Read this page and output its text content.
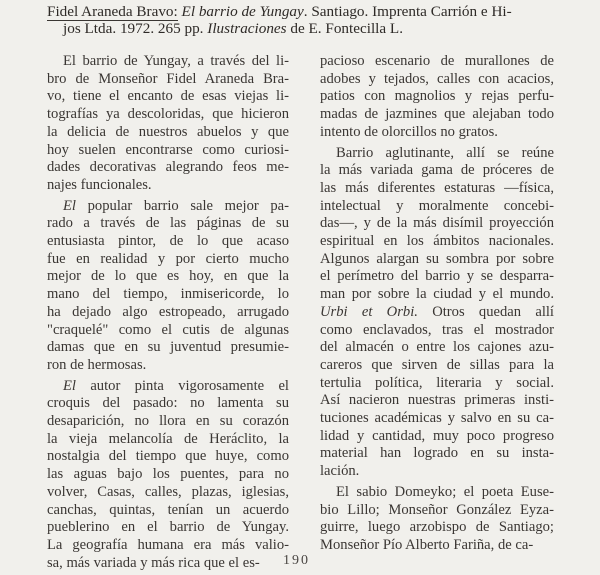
Fidel Araneda Bravo: El barrio de Yungay. Santiago. Imprenta Carrión e Hi-
jos Ltda. 1972. 265 pp. Ilustraciones de E. Fontecilla L.

El barrio de Yungay, a través del li-
bro de Monseñor Fidel Araneda Bra-
vo, tiene el encanto de esas viejas li-
tografías ya descoloridas, que hicieron
la delicia de nuestros abuelos y que
hoy suelen encontrarse como curiosi-
dades decorativas alegrando feos me-
najes funcionales.

El popular barrio sale mejor pa-
rado a través de las páginas de su
entusiasta pintor, de lo que acaso
fue en realidad y por cierto mucho
mejor de lo que es hoy, en que la
mano del tiempo, inmisericorde, lo
ha dejado algo estropeado, arrugado
"craquelé" como el cutis de algunas
damas que en su juventud presumie-
ron de hermosas.

El autor pinta vigorosamente el
croquis del pasado: no lamenta su
desaparición, no llora en su corazón
la vieja melancolía de Heráclito, la
nostalgia del tiempo que huye, como
las aguas bajo los puentes, para no
volver, Casas, calles, plazas, iglesias,
canchas, quintas, tenían un acuerdo
pueblerino en el barrio de Yungay.
La geografía humana era más valio-
sa, más variada y más rica que el es-

pacioso escenario de murallones de
adobes y tejados, calles con acacios,
patios con magnolios y rejas perfu-
madas de jazmines que alejaban todo
intento de olorcillos no gratos.

Barrio aglutinante, allí se reúne
la más variada gama de próceres de
las más diferentes estaturas —física,
intelectual y moralmente concebi-
das—, y de la más disímil proyección
espiritual en los ámbitos nacionales.
Algunos alargan su sombra por sobre
el perímetro del barrio y se desparra-
man por sobre la ciudad y el mundo.
Urbi et Orbi. Otros quedan allí
como enclavados, tras el mostrador
del almacén o entre los cajones azu-
careros que sirven de sillas para la
tertulia política, literaria y social.
Así nacieron nuestras primeras insti-
tuciones académicas y salvo en su ca-
lidad y cantidad, muy poco progreso
material han logrado en su insta-
lación.

El sabio Domeyko; el poeta Euse-
bio Lillo; Monseñor González Eyza-
guirre, luego arzobispo de Santiago;
Monseñor Pío Alberto Fariña, de ca-

190
